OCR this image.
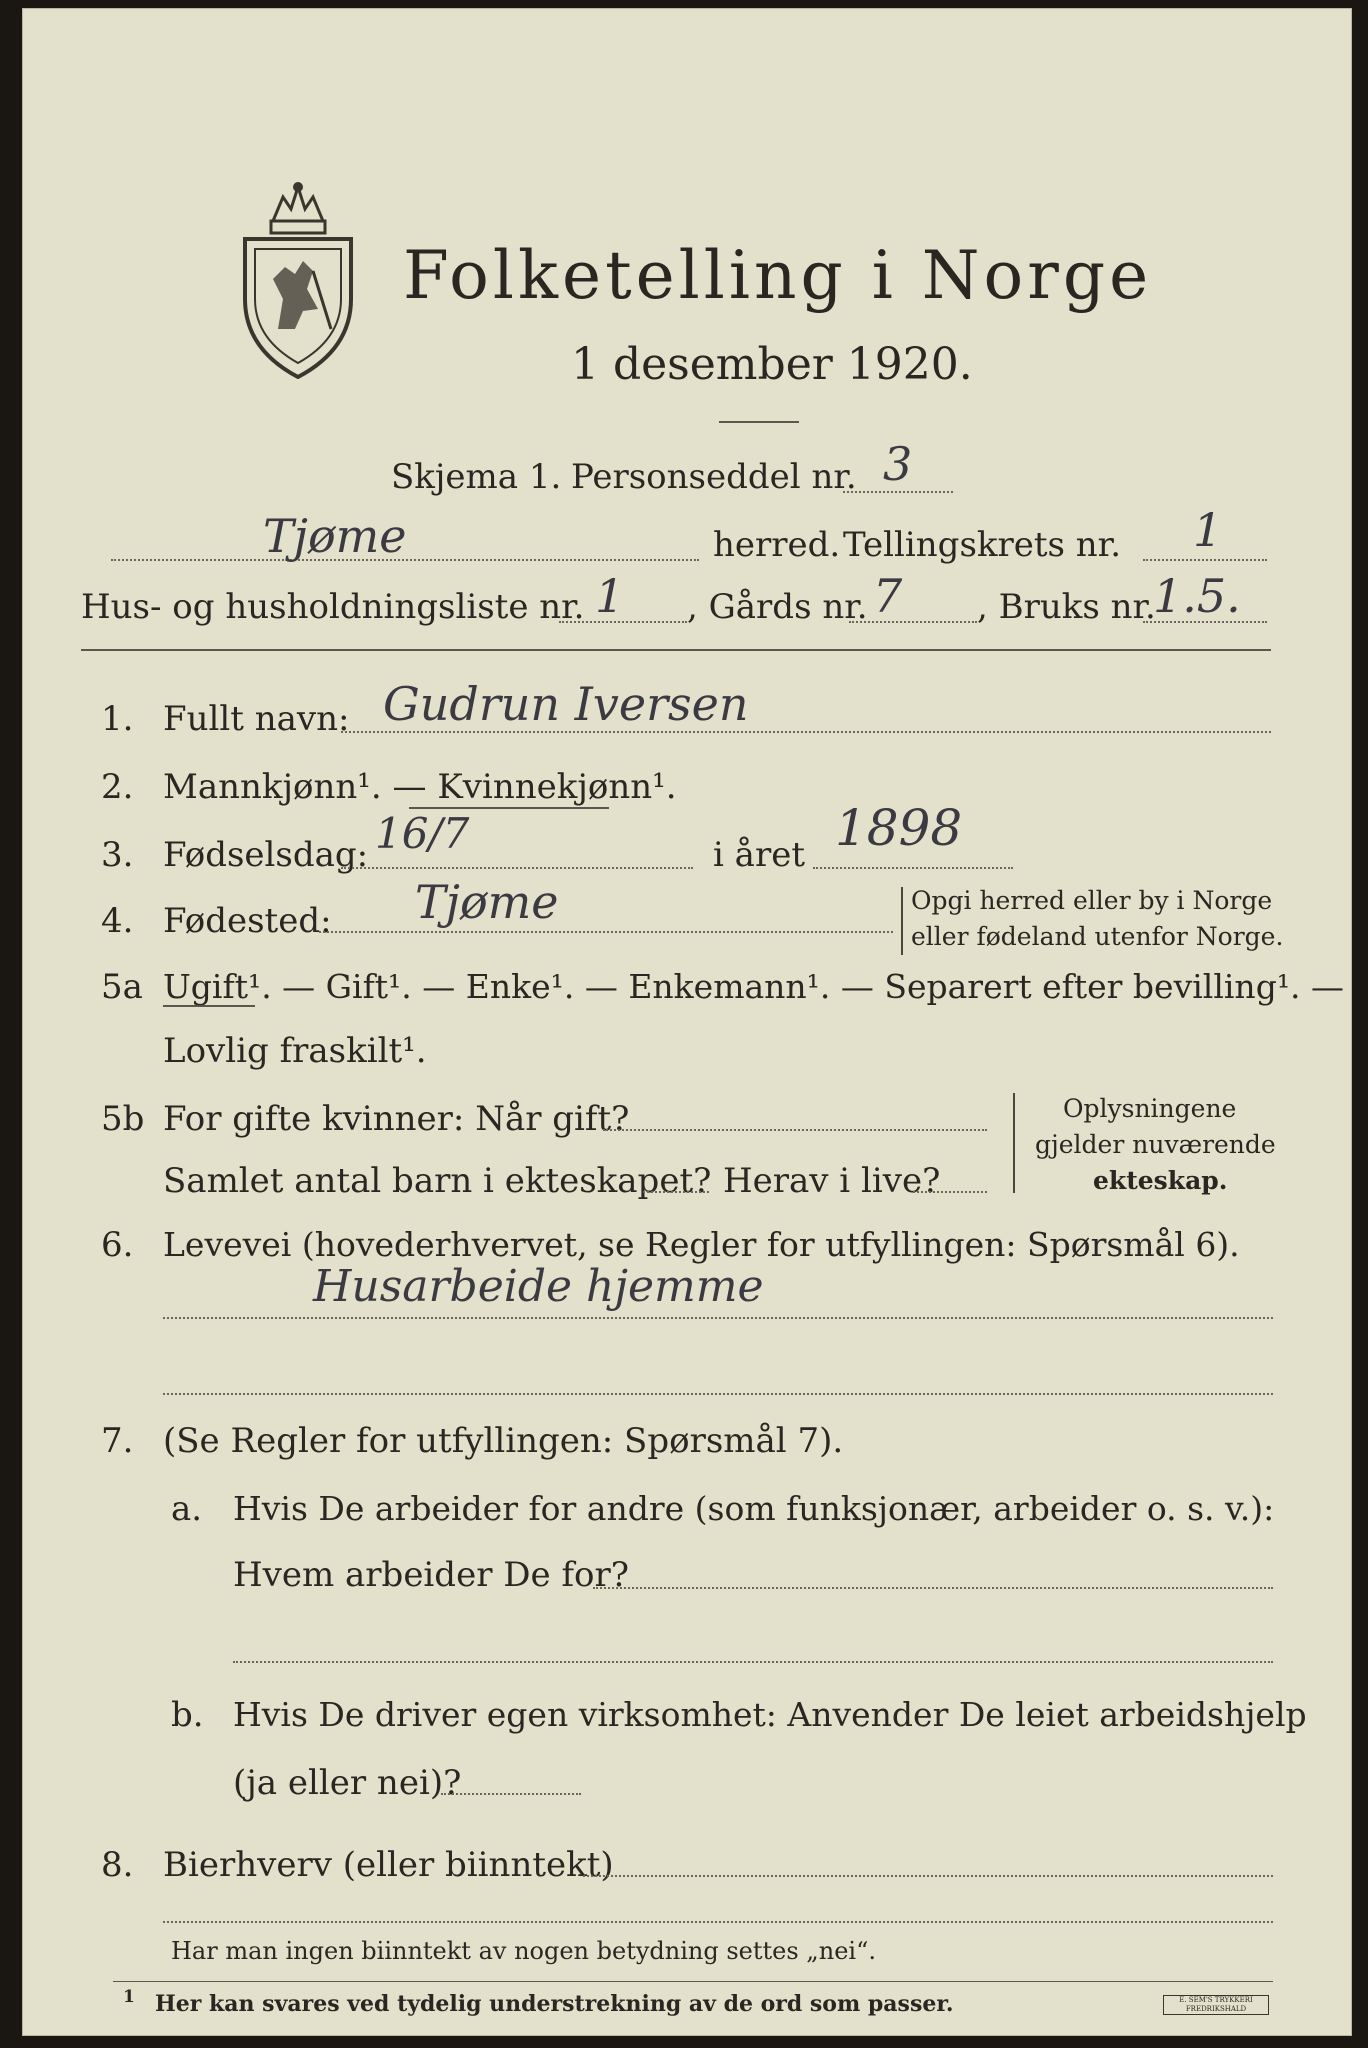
Folketelling i Norge
1 desember 1920.
Skjema 1. Personseddel nr. 3
Tjøme	herred. Tellingskrets nr. 1
Hus- og husholdningsliste nr. 1 , Gårds nr. 7 , Bruks nr.
1.5.
1. Fullt navn: Gudrun Iversen
2. Mannkjønn¹. — Kvinnekjønn¹.
3. Fødselsdag: 16/7	i året 1898
4. Fødested: Tjøme	Opgi herred eller by i Norge
eller fødeland utenfor Norge.
5a Ugift¹. — Gift¹. — Enke¹. — Enkemann¹. — Separert efter bevilling¹. —
Lovlig fraskilt¹.
5b For gifte kvinner: Når gift?
Samlet antal barn i ekteskapet? Herav i live?
Oplysningene
gjelder nuværende
ekteskap.
6. Levevei (hovederhvervet, se Regler for utfyllingen: Spørsmål 6).
Husarbeide hjemme
7. (Se Regler for utfyllingen: Spørsmål 7).
a. Hvis De arbeider for andre (som funksjonær, arbeider o. s. v.):
Hvem arbeider De for?
b. Hvis De driver egen virksomhet: Anvender De leiet arbeidshjelp
(ja eller nei)?
8. Bierhverv (eller biinntekt)
Har man ingen biinntekt av nogen betydning settes „nei“.
1 Her kan svares ved tydelig understrekning av de ord som passer.	E. SEM'S TRYKKERI FREDRIKSHALD
